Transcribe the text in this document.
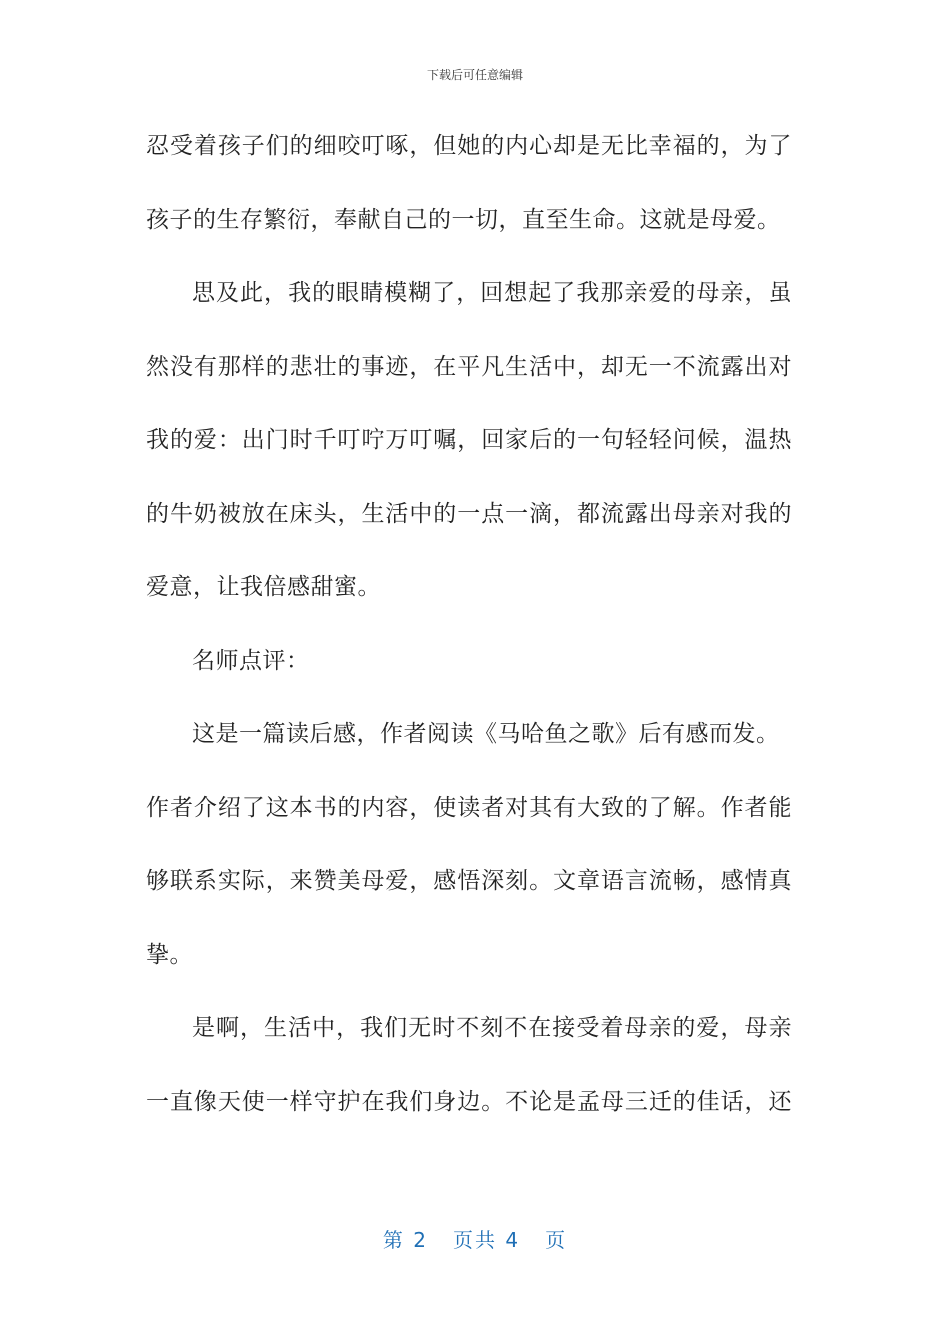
下载后可任意编辑
忍受着孩子们的细咬叮啄，但她的内心却是无比幸福的，为了
孩子的生存繁衍，奉献自己的一切，直至生命。这就是母爱。
思及此，我的眼睛模糊了，回想起了我那亲爱的母亲，虽
然没有那样的悲壮的事迹，在平凡生活中，却无一不流露出对
我的爱：出门时千叮咛万叮嘱，回家后的一句轻轻问候，温热
的牛奶被放在床头，生活中的一点一滴，都流露出母亲对我的
爱意，让我倍感甜蜜。
名师点评：
这是一篇读后感，作者阅读《马哈鱼之歌》后有感而发。
作者介绍了这本书的内容，使读者对其有大致的了解。作者能
够联系实际，来赞美母爱，感悟深刻。文章语言流畅，感情真
挚。
是啊，生活中，我们无时不刻不在接受着母亲的爱，母亲
一直像天使一样守护在我们身边。不论是孟母三迁的佳话，还
第 2 页共 4 页
